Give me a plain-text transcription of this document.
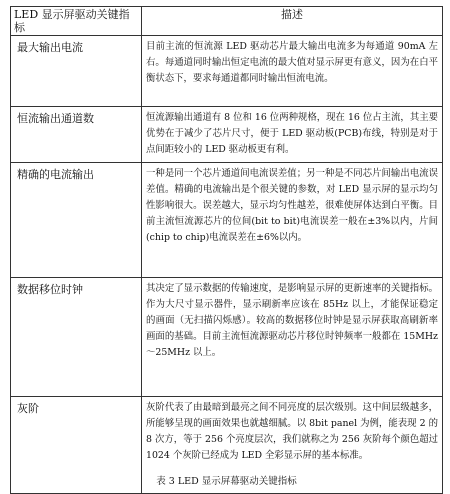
LED 显示屏驱动关键指标	描述
最大输出电流	目前主流的恒流源 LED 驱动芯片最大输出电流多为每通道 90mA 左右。每通道同时输出恒定电流的最大值对显示屏更有意义，因为在白平衡状态下，要求每通道都同时输出恒流电流。
恒流输出通道数	恒流源输出通道有 8 位和 16 位两种规格，现在 16 位占主流，其主要优势在于减少了芯片尺寸，便于 LED 驱动板(PCB)布线，特别是对于点间距较小的 LED 驱动板更有利。
精确的电流输出	一种是同一个芯片通道间电流误差值；另一种是不同芯片间输出电流误差值。精确的电流输出是个很关键的参数，对 LED 显示屏的显示均匀性影响很大。误差越大，显示均匀性越差，很难使屏体达到白平衡。目前主流恒流源芯片的位间(bit to bit)电流误差一般在±3%以内，片间(chip to chip)电流误差在±6%以内。
数据移位时钟	其决定了显示数据的传输速度，是影响显示屏的更新速率的关键指标。作为大尺寸显示器件，显示刷新率应该在 85Hz 以上，才能保证稳定的画面（无扫描闪烁感）。较高的数据移位时钟是显示屏获取高刷新率画面的基础。目前主流恒流源驱动芯片移位时钟频率一般都在 15MHz～25MHz 以上。
灰阶	灰阶代表了由最暗到最亮之间不同亮度的层次级别。这中间层级越多，所能够呈现的画面效果也就越细腻。以 8bit panel 为例，能表现 2 的 8 次方，等于 256 个亮度层次，我们就称之为 256 灰阶每个颜色超过 1024 个灰阶已经成为 LED 全彩显示屏的基本标准。
表 3 LED 显示屏幕驱动关键指标
